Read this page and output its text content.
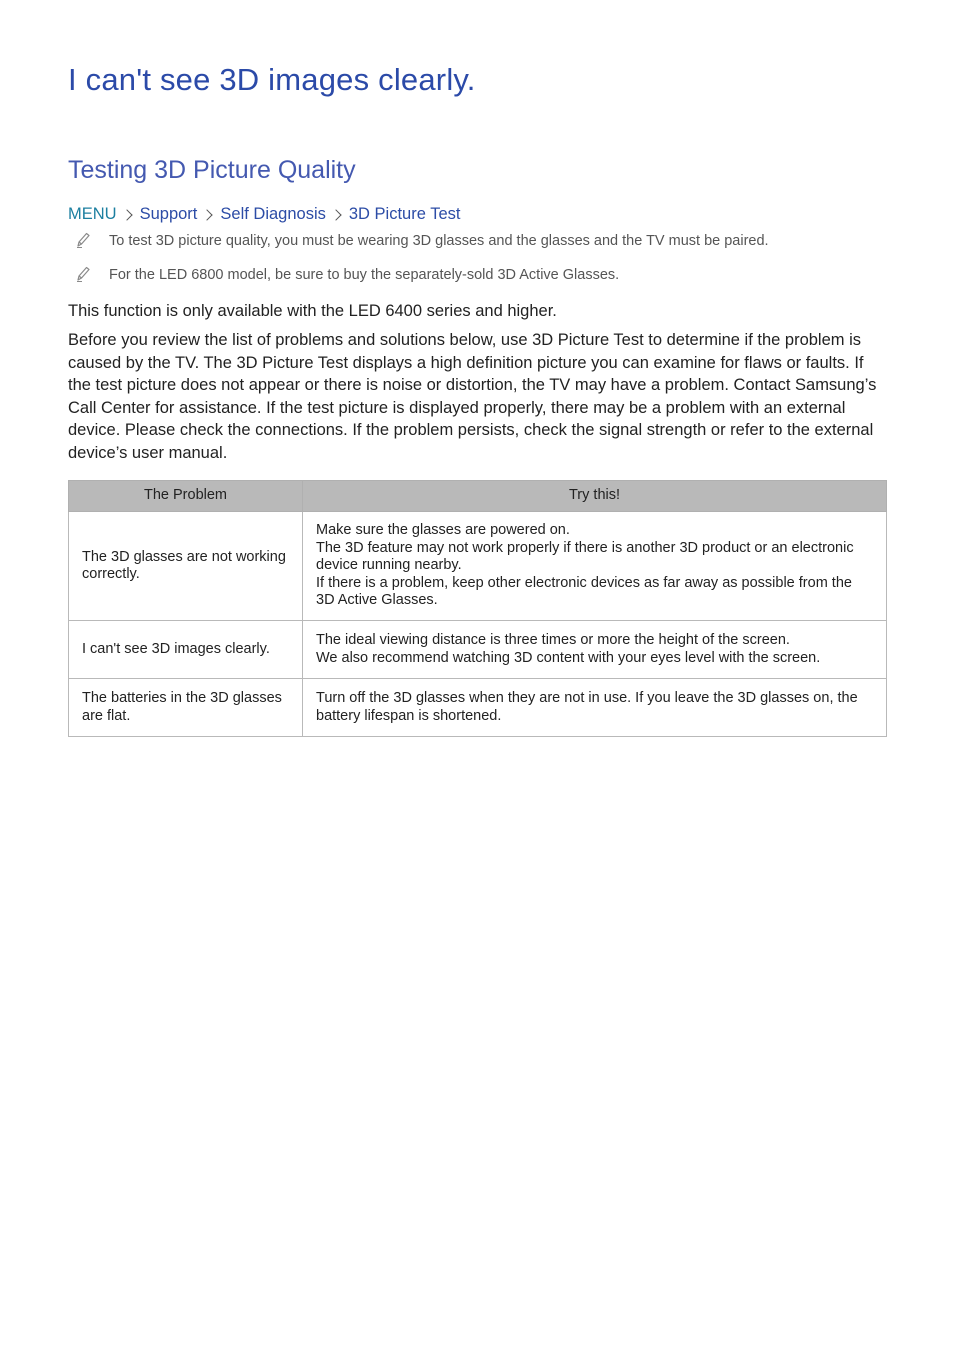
I can't see 3D images clearly.
Testing 3D Picture Quality
MENU Support Self Diagnosis 3D Picture Test
To test 3D picture quality, you must be wearing 3D glasses and the glasses and the TV must be paired.
For the LED 6800 model, be sure to buy the separately-sold 3D Active Glasses.

This function is only available with the LED 6400 series and higher.

Before you review the list of problems and solutions below, use 3D Picture Test to determine if the problem is caused by the TV. The 3D Picture Test displays a high definition picture you can examine for flaws or faults. If the test picture does not appear or there is noise or distortion, the TV may have a problem. Contact Samsung’s Call Center for assistance. If the test picture is displayed properly, there may be a problem with an external device. Please check the connections. If the problem persists, check the signal strength or refer to the external device’s user manual.

The Problem	Try this!
The 3D glasses are not working correctly.	Make sure the glasses are powered on.
The 3D feature may not work properly if there is another 3D product or an electronic device running nearby.
If there is a problem, keep other electronic devices as far away as possible from the 3D Active Glasses.

I can't see 3D images clearly.	The ideal viewing distance is three times or more the height of the screen.
We also recommend watching 3D content with your eyes level with the screen.

The batteries in the 3D glasses are flat.	Turn off the 3D glasses when they are not in use. If you leave the 3D glasses on, the battery lifespan is shortened.
